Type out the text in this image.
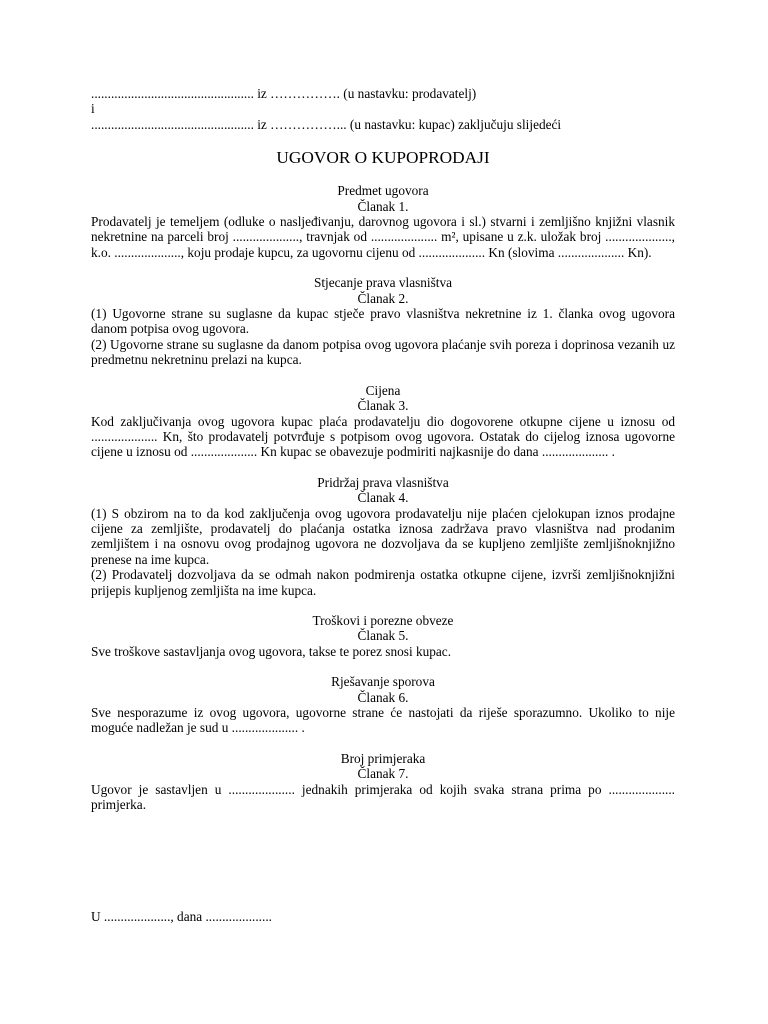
................................................. iz ……………. (u nastavku: prodavatelj)
i
................................................. iz ……………... (u nastavku: kupac) zaključuju slijedeći
UGOVOR O KUPOPRODAJI
Predmet ugovora
Članak 1.
Prodavatelj je temeljem (odluke o nasljeđivanju, darovnog ugovora i sl.) stvarni i zemljišno knjižni vlasnik nekretnine na parceli broj ...................., travnjak od .................... m², upisane u z.k. uložak broj ...................., k.o. ...................., koju prodaje kupcu, za ugovornu cijenu od .................... Kn (slovima .................... Kn).
Stjecanje prava vlasništva
Članak 2.
(1) Ugovorne strane su suglasne da kupac stječe pravo vlasništva nekretnine iz 1. članka ovog ugovora danom potpisa ovog ugovora.
(2) Ugovorne strane su suglasne da danom potpisa ovog ugovora plaćanje svih poreza i doprinosa vezanih uz predmetnu nekretninu prelazi na kupca.
Cijena
Članak 3.
Kod zaključivanja ovog ugovora kupac plaća prodavatelju dio dogovorene otkupne cijene u iznosu od .................... Kn, što prodavatelj potvrđuje s potpisom ovog ugovora. Ostatak do cijelog iznosa ugovorne cijene u iznosu od .................... Kn kupac se obavezuje podmiriti najkasnije do dana .................... .
Pridržaj prava vlasništva
Članak 4.
(1) S obzirom na to da kod zaključenja ovog ugovora prodavatelju nije plaćen cjelokupan iznos prodajne cijene za zemljište, prodavatelj do plaćanja ostatka iznosa zadržava pravo vlasništva nad prodanim zemljištem i na osnovu ovog prodajnog ugovora ne dozvoljava da se kupljeno zemljište zemljišnoknjižno prenese na ime kupca.
(2) Prodavatelj dozvoljava da se odmah nakon podmirenja ostatka otkupne cijene, izvrši zemljišnoknjižni prijepis kupljenog zemljišta na ime kupca.
Troškovi i porezne obveze
Članak 5.
Sve troškove sastavljanja ovog ugovora, takse te porez snosi kupac.
Rješavanje sporova
Članak 6.
Sve nesporazume iz ovog ugovora, ugovorne strane će nastojati da riješe sporazumno. Ukoliko to nije moguće nadležan je sud u .................... .
Broj primjeraka
Članak 7.
Ugovor je sastavljen u .................... jednakih primjeraka od kojih svaka strana prima po .................... primjerka.
U ...................., dana ....................
